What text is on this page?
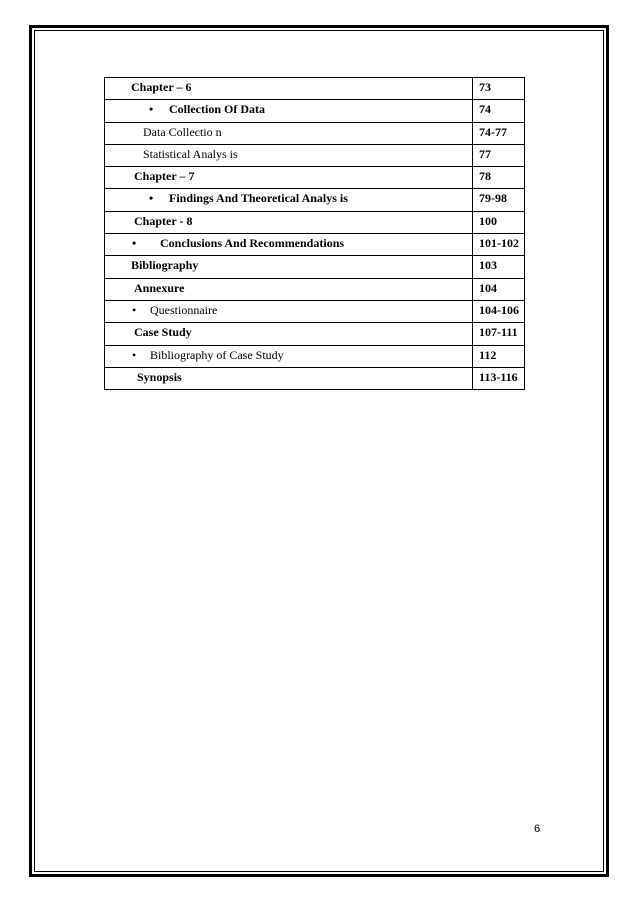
Chapter – 6	73

• Collection Of Data	74

Data Collectio n	74-77

Statistical Analys is	77

Chapter – 7	78

• Findings And Theoretical Analys is	79-98

Chapter - 8	100

• Conclusions And Recommendations	101-102

Bibliography	103

Annexure	104

• Questionnaire	104-106

Case Study	107-111

• Bibliography of Case Study	112

Synopsis	113-116
6
